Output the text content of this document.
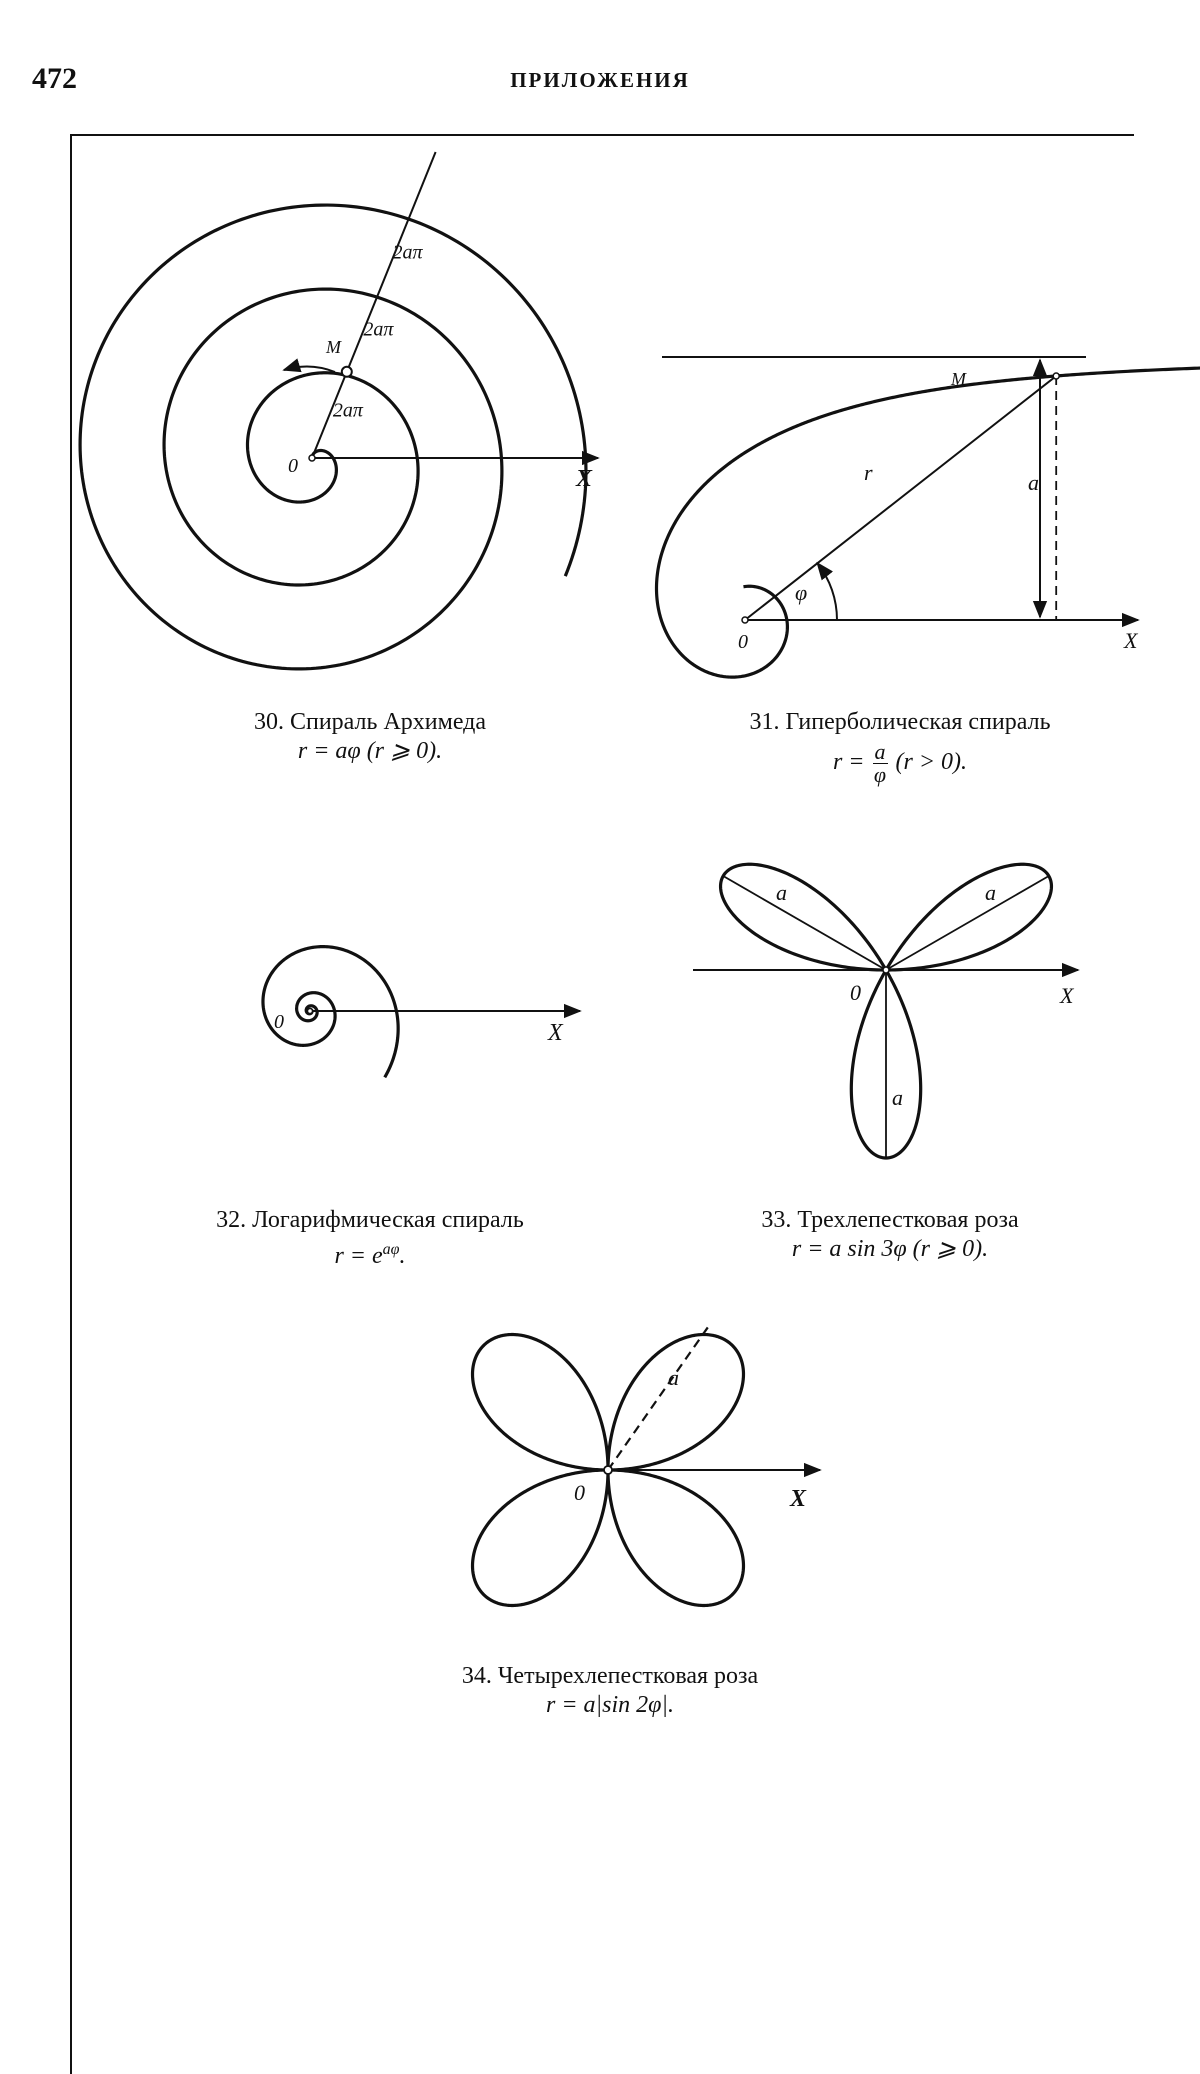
472	ПРИЛОЖЕНИЯ
0	X
M
2aπ
2aπ
2aπ
0	X
M
r
φ
a
0	X
0	X
a	a
a
0	X
a
30. Спираль Архимеда
r = aφ (r ⩾ 0).
31. Гиперболическая спираль
$r = \frac{a}{\varphi} (r > 0)$.
32. Логарифмическая спираль
$r = e^{a\varphi}$.
33. Трехлепестковая роза
r = a sin 3φ (r ⩾ 0).
34. Четырехлепестковая роза
r = a|sin 2φ|.
